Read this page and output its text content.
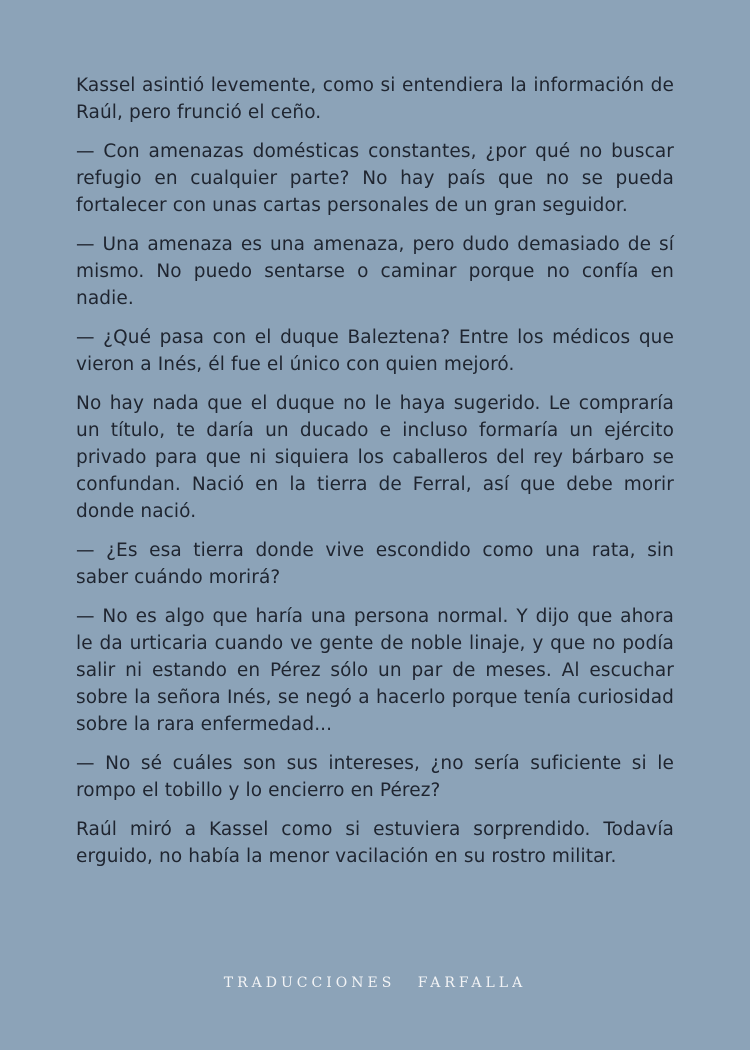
Kassel asintió levemente, como si entendiera la información de Raúl, pero frunció el ceño.

— Con amenazas domésticas constantes, ¿por qué no buscar refugio en cualquier parte? No hay país que no se pueda fortalecer con unas cartas personales de un gran seguidor.

— Una amenaza es una amenaza, pero dudo demasiado de sí mismo. No puedo sentarse o caminar porque no confía en nadie.

— ¿Qué pasa con el duque Baleztena? Entre los médicos que vieron a Inés, él fue el único con quien mejoró.

No hay nada que el duque no le haya sugerido. Le compraría un título, te daría un ducado e incluso formaría un ejército privado para que ni siquiera los caballeros del rey bárbaro se confundan. Nació en la tierra de Ferral, así que debe morir donde nació.

— ¿Es esa tierra donde vive escondido como una rata, sin saber cuándo morirá?

— No es algo que haría una persona normal. Y dijo que ahora le da urticaria cuando ve gente de noble linaje, y que no podía salir ni estando en Pérez sólo un par de meses. Al escuchar sobre la señora Inés, se negó a hacerlo porque tenía curiosidad sobre la rara enfermedad...

— No sé cuáles son sus intereses, ¿no sería suficiente si le rompo el tobillo y lo encierro en Pérez?

Raúl miró a Kassel como si estuviera sorprendido. Todavía erguido, no había la menor vacilación en su rostro militar.

TRADUCCIONES FARFALLA
